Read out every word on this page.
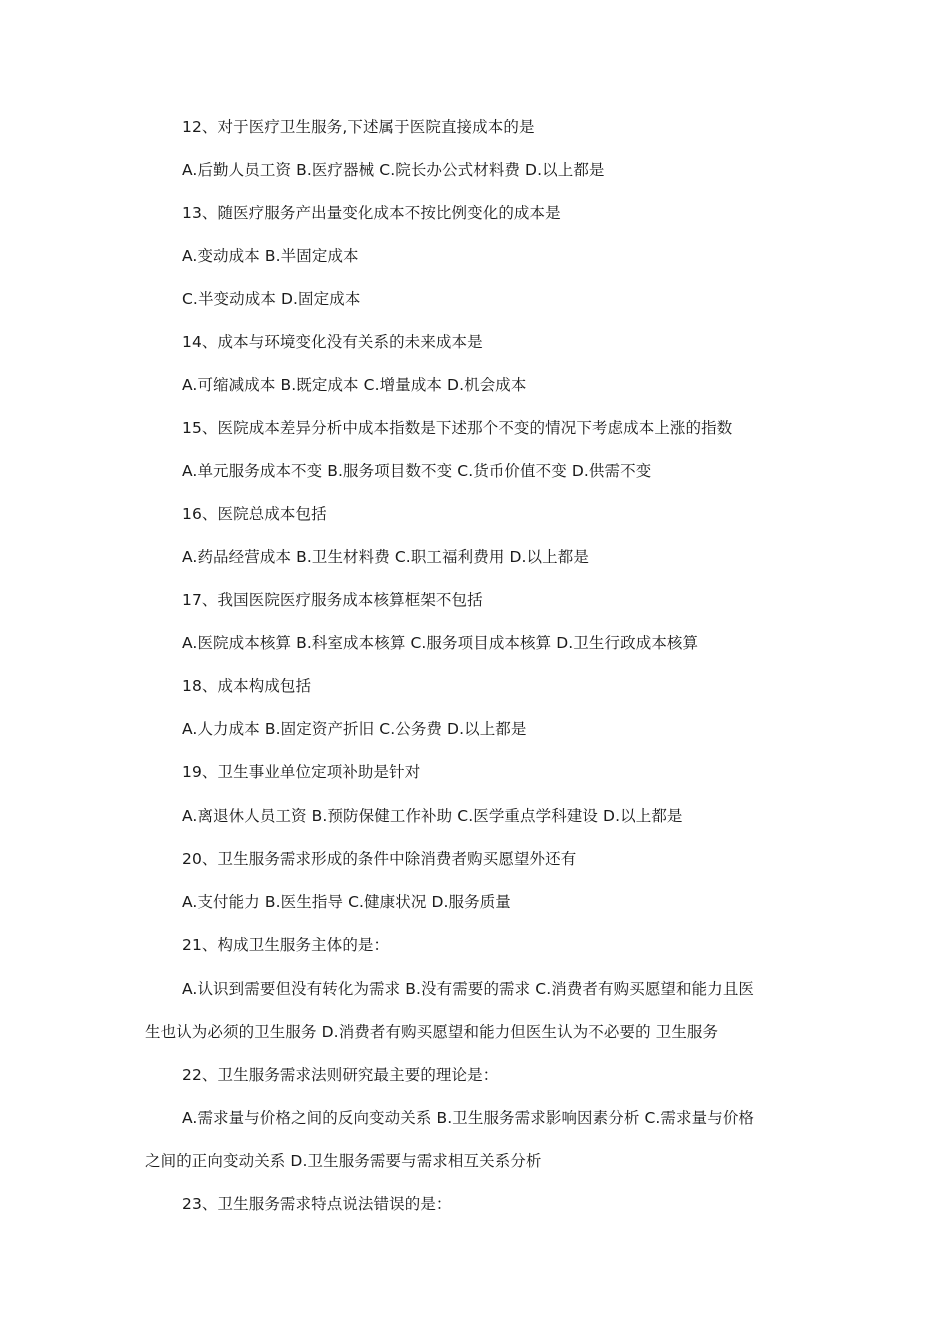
12、对于医疗卫生服务,下述属于医院直接成本的是
A.后勤人员工资 B.医疗器械 C.院长办公式材料费 D.以上都是
13、随医疗服务产出量变化成本不按比例变化的成本是
A.变动成本 B.半固定成本
C.半变动成本 D.固定成本
14、成本与环境变化没有关系的未来成本是
A.可缩减成本 B.既定成本 C.增量成本 D.机会成本
15、医院成本差异分析中成本指数是下述那个不变的情况下考虑成本上涨的指数
A.单元服务成本不变 B.服务项目数不变 C.货币价值不变 D.供需不变
16、医院总成本包括
A.药品经营成本 B.卫生材料费 C.职工福利费用 D.以上都是
17、我国医院医疗服务成本核算框架不包括
A.医院成本核算 B.科室成本核算 C.服务项目成本核算 D.卫生行政成本核算
18、成本构成包括
A.人力成本 B.固定资产折旧 C.公务费 D.以上都是
19、卫生事业单位定项补助是针对
A.离退休人员工资 B.预防保健工作补助 C.医学重点学科建设 D.以上都是
20、卫生服务需求形成的条件中除消费者购买愿望外还有
A.支付能力 B.医生指导 C.健康状况 D.服务质量
21、构成卫生服务主体的是：
A.认识到需要但没有转化为需求 B.没有需要的需求 C.消费者有购买愿望和能力且医
生也认为必须的卫生服务 D.消费者有购买愿望和能力但医生认为不必要的 卫生服务
22、卫生服务需求法则研究最主要的理论是：
A.需求量与价格之间的反向变动关系 B.卫生服务需求影响因素分析 C.需求量与价格
之间的正向变动关系 D.卫生服务需要与需求相互关系分析
23、卫生服务需求特点说法错误的是：
